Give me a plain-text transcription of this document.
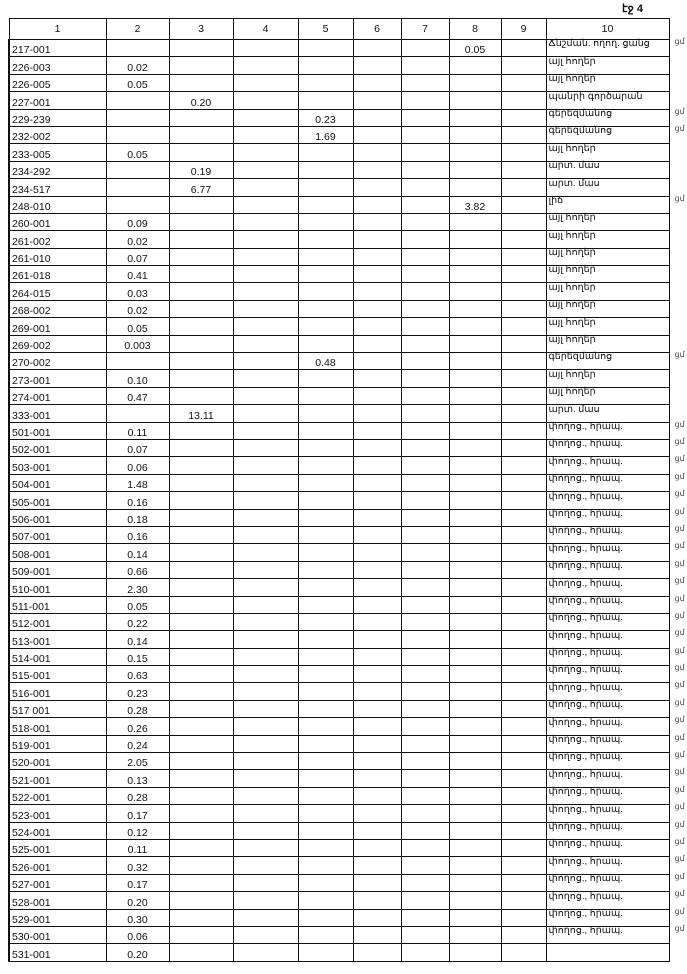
էջ 4
1	2	3	4	5	6	7	8	9	10
217-001							0.05		Ճնշման. ողող. ցանց ցմ

226-003	0.02								այլ հողեր
226-005	0.05								այլ հողեր
227-001		0.20							պանրի գործարան
229-239				0.23					գերեզմանոց ցմ

232-002				1.69					գերեզմանոց ցմ

233-005	0.05								այլ հողեր
234-292		0.19							արտ. մաս
234-517		6.77							արտ. մաս
248-010							3.82		լիճ ցմ

260-001	0.09								այլ հողեր
261-002	0.02								այլ հողեր
261-010	0.07								այլ հողեր
261-018	0.41								այլ հողեր
264-015	0.03								այլ հողեր
268-002	0.02								այլ հողեր
269-001	0.05								այլ հողեր
269-002	0.003								այլ հողեր
270-002				0.48					գերեզմանոց ցմ

273-001	0.10								այլ հողեր
274-001	0.47								այլ հողեր
333-001		13.11							արտ. մաս
501-001	0.11								փողոց., հրապ. ցմ

502-001	0.07								փողոց., հրապ. ցմ

503-001	0.06								փողոց., հրապ. ցմ

504-001	1.48								փողոց., հրապ. ցմ

505-001	0.16								փողոց., հրապ. ցմ

506-001	0.18								փողոց., հրապ. ցմ

507-001	0.16								փողոց., հրապ. ցմ

508-001	0.14								փողոց., հրապ. ցմ

509-001	0.66								փողոց., հրապ. ցմ

510-001	2.30								փողոց., հրապ. ցմ

511-001	0.05								փողոց., հրապ. ցմ

512-001	0.22								փողոց., հրապ. ցմ

513-001	0.14								փողոց., հրապ. ցմ

514-001	0.15								փողոց., հրապ. ցմ

515-001	0.63								փողոց., հրապ. ցմ

516-001	0.23								փողոց., հրապ. ցմ

517 001	0.28								փողոց., հրապ. ցմ

518-001	0.26								փողոց., հրապ. ցմ

519-001	0.24								փողոց., հրապ. ցմ

520-001	2.05								փողոց., հրապ. ցմ

521-001	0.13								փողոց., հրապ. ցմ

522-001	0.28								փողոց., հրապ. ցմ

523-001	0.17								փողոց., հրապ. ցմ

524-001	0.12								փողոց., հրապ. ցմ

525-001	0.11								փողոց., հրապ. ցմ

526-001	0.32								փողոց., հրապ. ցմ

527-001	0.17								փողոց., հրապ. ցմ

528-001	0.20								փողոց., հրապ. ցմ

529-001	0.30								փողոց., հրապ. ցմ

530-001	0.06								փողոց., հրապ. ցմ

531-001	0.20								
